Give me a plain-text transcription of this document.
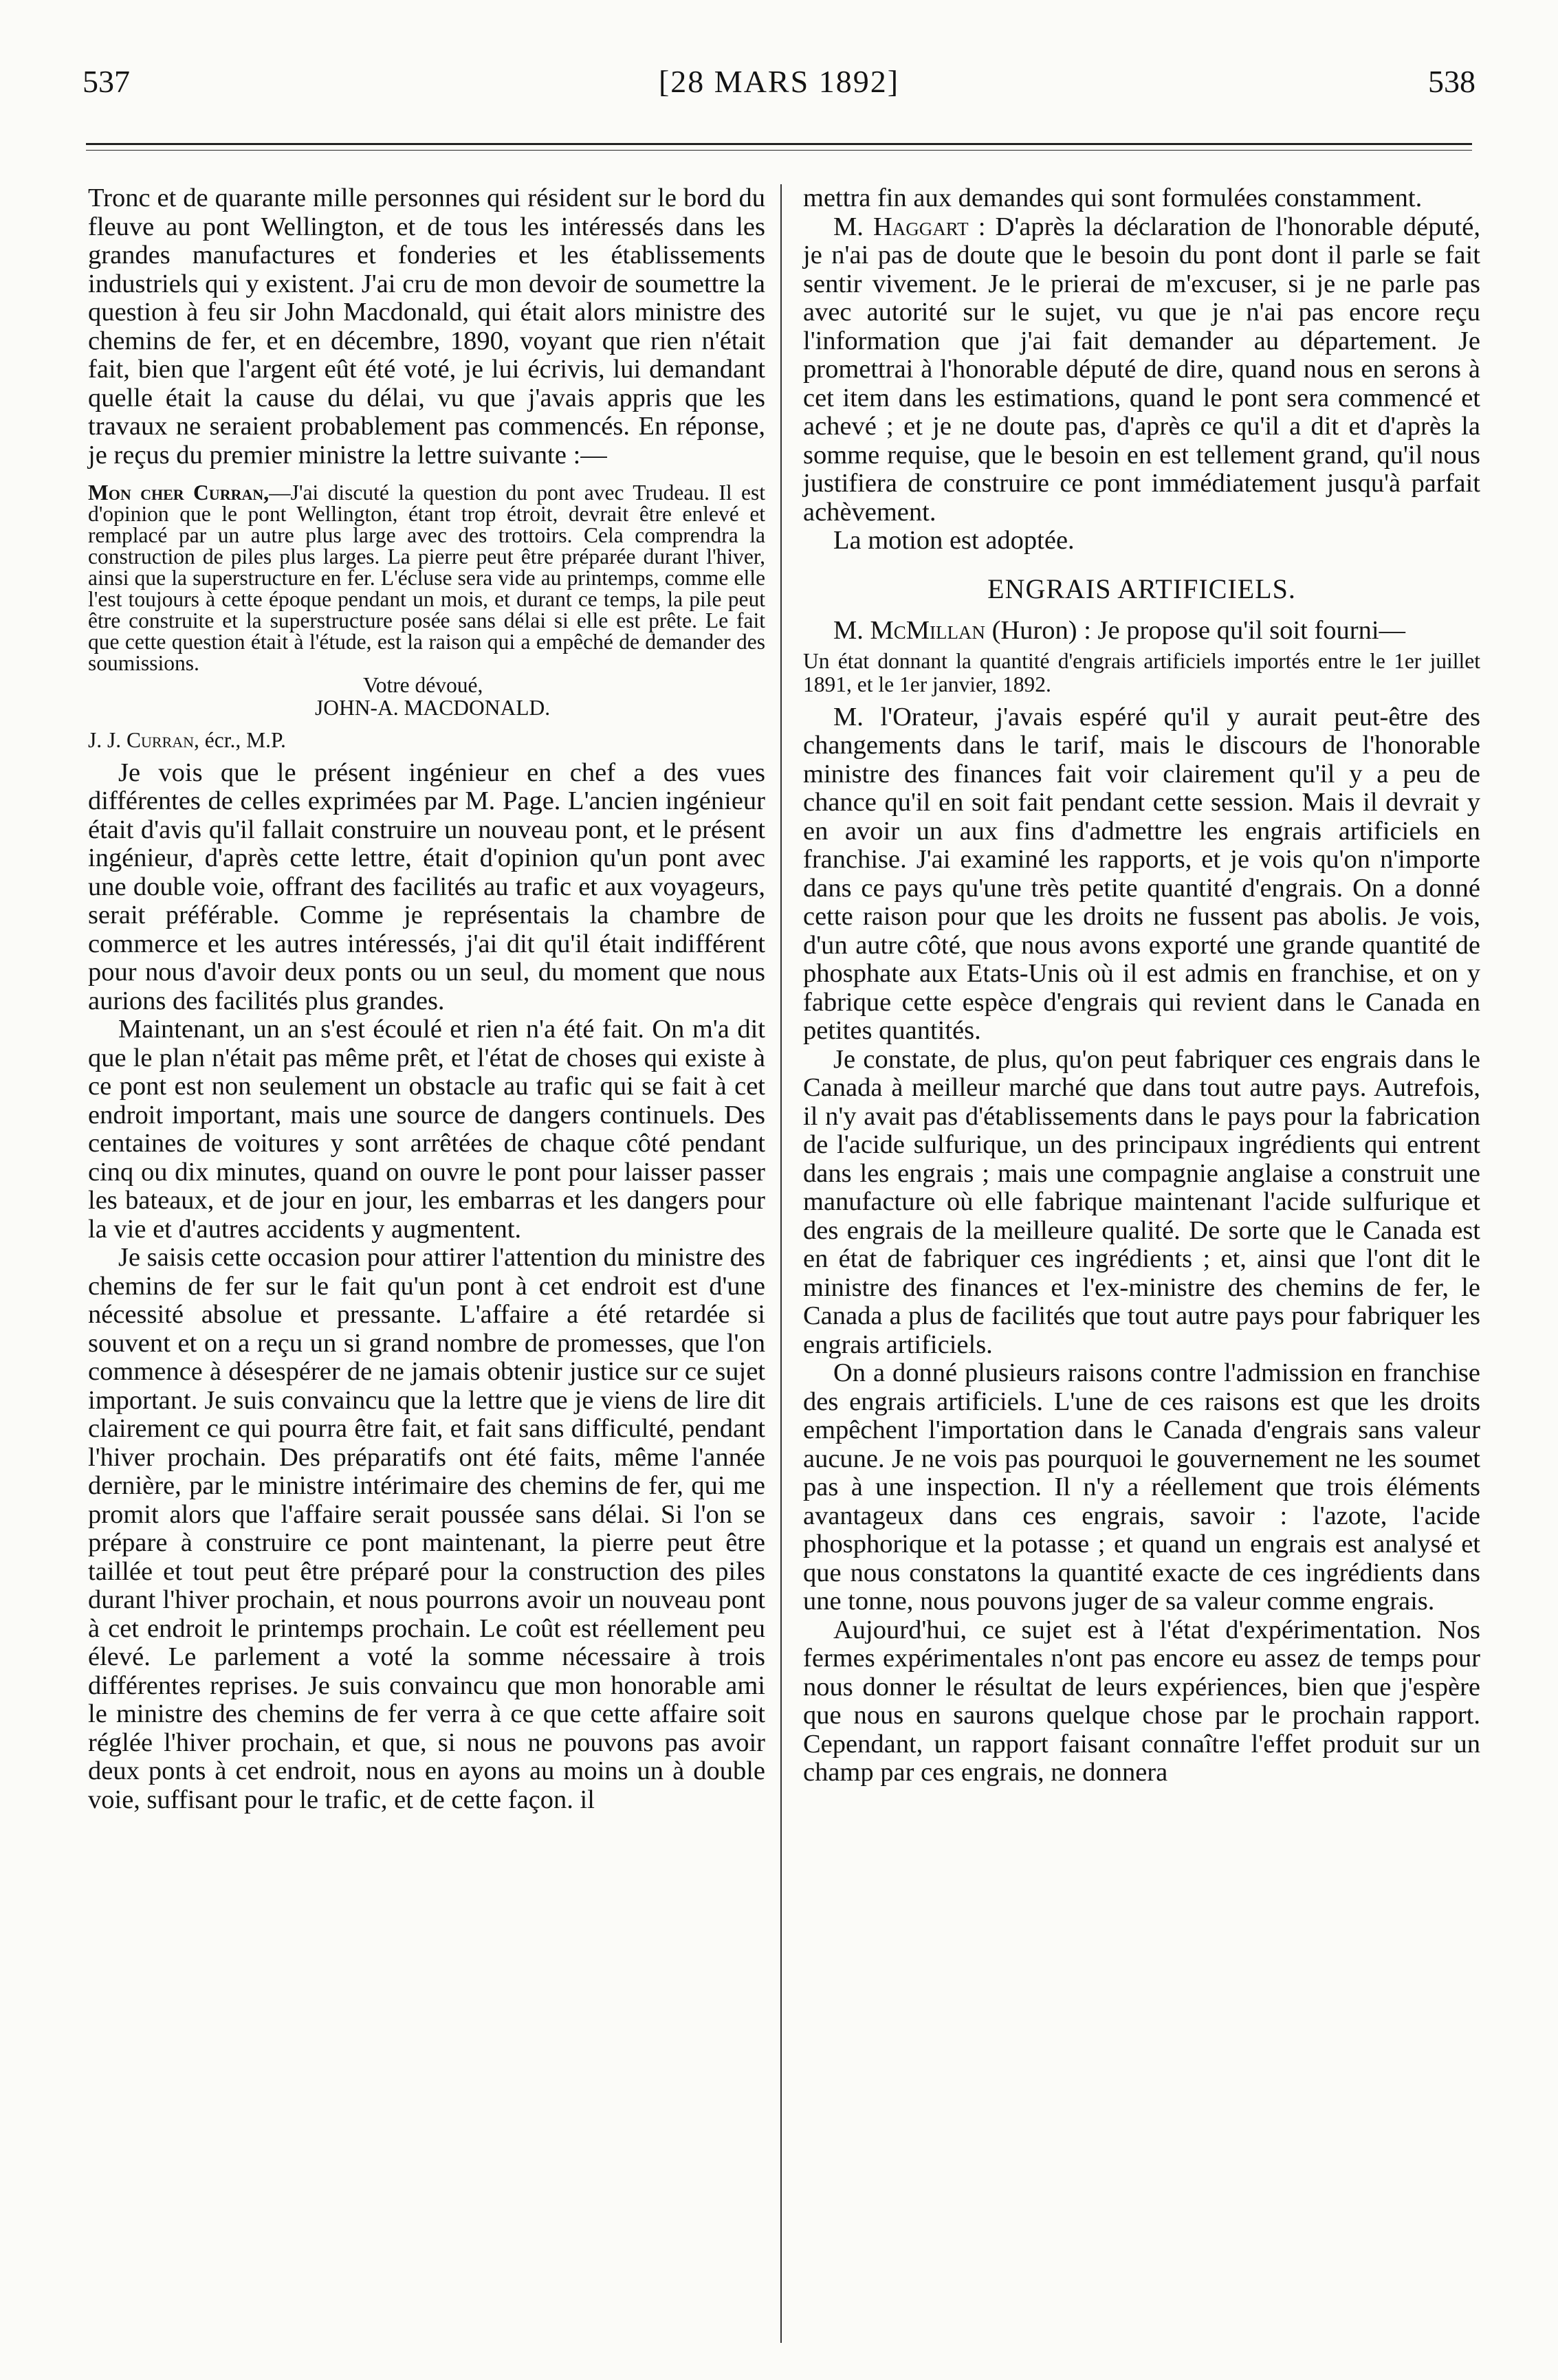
537	[28 MARS 1892]	538

Tronc et de quarante mille personnes qui résident sur le bord du fleuve au pont Wellington, et de tous les intéressés dans les grandes manufactures et fonderies et les établissements industriels qui y existent. J'ai cru de mon devoir de soumettre la question à feu sir John Macdonald, qui était alors ministre des chemins de fer, et en décembre, 1890, voyant que rien n'était fait, bien que l'argent eût été voté, je lui écrivis, lui demandant quelle était la cause du délai, vu que j'avais appris que les travaux ne seraient probablement pas commencés. En réponse, je reçus du premier ministre la lettre suivante :—

Mon cher Curran,—J'ai discuté la question du pont avec Trudeau. Il est d'opinion que le pont Wellington, étant trop étroit, devrait être enlevé et remplacé par un autre plus large avec des trottoirs. Cela comprendra la construction de piles plus larges. La pierre peut être préparée durant l'hiver, ainsi que la superstructure en fer. L'écluse sera vide au printemps, comme elle l'est toujours à cette époque pendant un mois, et durant ce temps, la pile peut être construite et la superstructure posée sans délai si elle est prête. Le fait que cette question était à l'étude, est la raison qui a empêché de demander des soumissions.
Votre dévoué,
JOHN-A. MACDONALD.

J. J. Curran, écr., M.P.

Je vois que le présent ingénieur en chef a des vues différentes de celles exprimées par M. Page. L'ancien ingénieur était d'avis qu'il fallait construire un nouveau pont, et le présent ingénieur, d'après cette lettre, était d'opinion qu'un pont avec une double voie, offrant des facilités au trafic et aux voyageurs, serait préférable. Comme je représentais la chambre de commerce et les autres intéressés, j'ai dit qu'il était indifférent pour nous d'avoir deux ponts ou un seul, du moment que nous aurions des facilités plus grandes.

Maintenant, un an s'est écoulé et rien n'a été fait. On m'a dit que le plan n'était pas même prêt, et l'état de choses qui existe à ce pont est non seulement un obstacle au trafic qui se fait à cet endroit important, mais une source de dangers continuels. Des centaines de voitures y sont arrêtées de chaque côté pendant cinq ou dix minutes, quand on ouvre le pont pour laisser passer les bateaux, et de jour en jour, les embarras et les dangers pour la vie et d'autres accidents y augmentent.

Je saisis cette occasion pour attirer l'attention du ministre des chemins de fer sur le fait qu'un pont à cet endroit est d'une nécessité absolue et pressante. L'affaire a été retardée si souvent et on a reçu un si grand nombre de promesses, que l'on commence à désespérer de ne jamais obtenir justice sur ce sujet important. Je suis convaincu que la lettre que je viens de lire dit clairement ce qui pourra être fait, et fait sans difficulté, pendant l'hiver prochain. Des préparatifs ont été faits, même l'année dernière, par le ministre intérimaire des chemins de fer, qui me promit alors que l'affaire serait poussée sans délai. Si l'on se prépare à construire ce pont maintenant, la pierre peut être taillée et tout peut être préparé pour la construction des piles durant l'hiver prochain, et nous pourrons avoir un nouveau pont à cet endroit le printemps prochain. Le coût est réellement peu élevé. Le parlement a voté la somme nécessaire à trois différentes reprises. Je suis convaincu que mon honorable ami le ministre des chemins de fer verra à ce que cette affaire soit réglée l'hiver prochain, et que, si nous ne pouvons pas avoir deux ponts à cet endroit, nous en ayons au moins un à double voie, suffisant pour le trafic, et de cette façon. il

mettra fin aux demandes qui sont formulées constamment.

M. Haggart : D'après la déclaration de l'honorable député, je n'ai pas de doute que le besoin du pont dont il parle se fait sentir vivement. Je le prierai de m'excuser, si je ne parle pas avec autorité sur le sujet, vu que je n'ai pas encore reçu l'information que j'ai fait demander au département. Je promettrai à l'honorable député de dire, quand nous en serons à cet item dans les estimations, quand le pont sera commencé et achevé ; et je ne doute pas, d'après ce qu'il a dit et d'après la somme requise, que le besoin en est tellement grand, qu'il nous justifiera de construire ce pont immédiatement jusqu'à parfait achèvement.

La motion est adoptée.

ENGRAIS ARTIFICIELS.

M. McMillan (Huron) : Je propose qu'il soit fourni—

Un état donnant la quantité d'engrais artificiels importés entre le 1er juillet 1891, et le 1er janvier, 1892.

M. l'Orateur, j'avais espéré qu'il y aurait peut-être des changements dans le tarif, mais le discours de l'honorable ministre des finances fait voir clairement qu'il y a peu de chance qu'il en soit fait pendant cette session. Mais il devrait y en avoir un aux fins d'admettre les engrais artificiels en franchise. J'ai examiné les rapports, et je vois qu'on n'importe dans ce pays qu'une très petite quantité d'engrais. On a donné cette raison pour que les droits ne fussent pas abolis. Je vois, d'un autre côté, que nous avons exporté une grande quantité de phosphate aux Etats-Unis où il est admis en franchise, et on y fabrique cette espèce d'engrais qui revient dans le Canada en petites quantités.

Je constate, de plus, qu'on peut fabriquer ces engrais dans le Canada à meilleur marché que dans tout autre pays. Autrefois, il n'y avait pas d'établissements dans le pays pour la fabrication de l'acide sulfurique, un des principaux ingrédients qui entrent dans les engrais ; mais une compagnie anglaise a construit une manufacture où elle fabrique maintenant l'acide sulfurique et des engrais de la meilleure qualité. De sorte que le Canada est en état de fabriquer ces ingrédients ; et, ainsi que l'ont dit le ministre des finances et l'ex-ministre des chemins de fer, le Canada a plus de facilités que tout autre pays pour fabriquer les engrais artificiels.

On a donné plusieurs raisons contre l'admission en franchise des engrais artificiels. L'une de ces raisons est que les droits empêchent l'importation dans le Canada d'engrais sans valeur aucune. Je ne vois pas pourquoi le gouvernement ne les soumet pas à une inspection. Il n'y a réellement que trois éléments avantageux dans ces engrais, savoir : l'azote, l'acide phosphorique et la potasse ; et quand un engrais est analysé et que nous constatons la quantité exacte de ces ingrédients dans une tonne, nous pouvons juger de sa valeur comme engrais.

Aujourd'hui, ce sujet est à l'état d'expérimentation. Nos fermes expérimentales n'ont pas encore eu assez de temps pour nous donner le résultat de leurs expériences, bien que j'espère que nous en saurons quelque chose par le prochain rapport. Cependant, un rapport faisant connaître l'effet produit sur un champ par ces engrais, ne donnera
